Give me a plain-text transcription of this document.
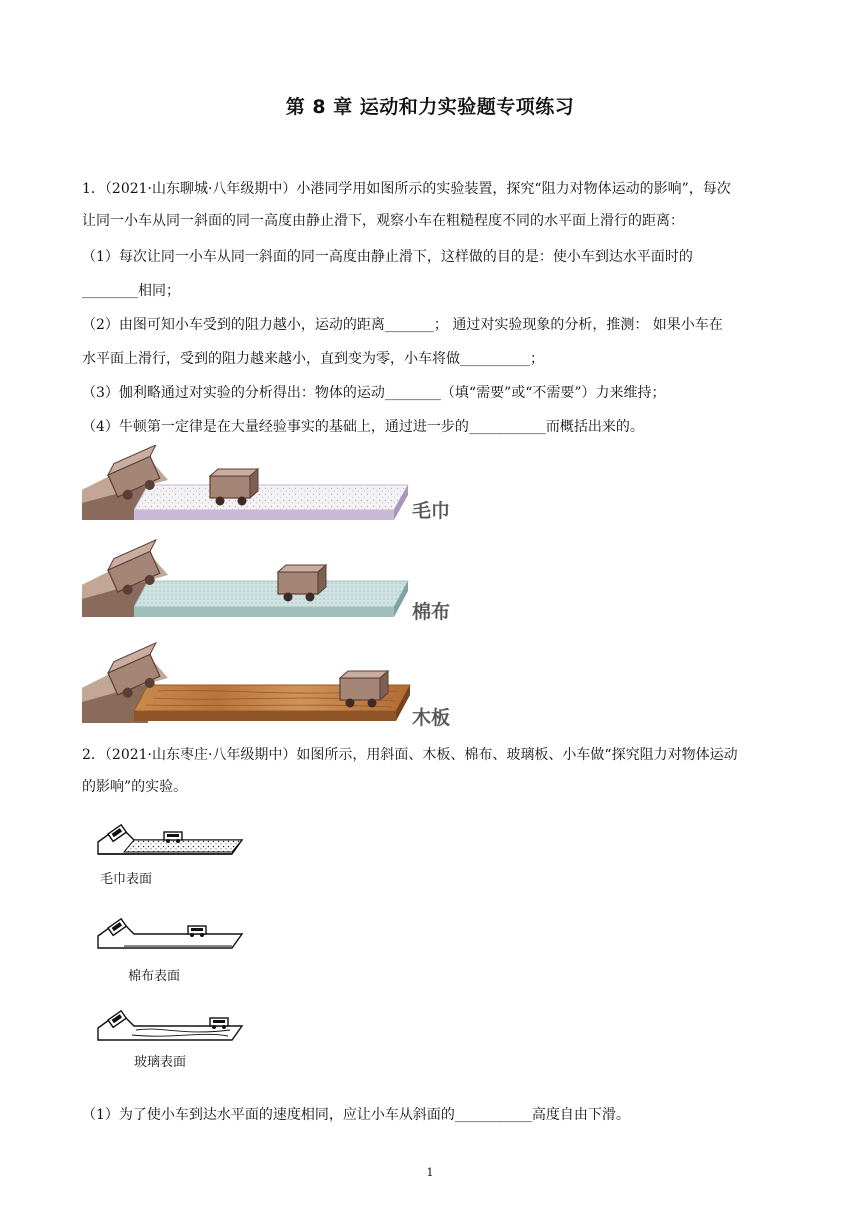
第 8 章 运动和力实验题专项练习
1．（2021·山东聊城·八年级期中）小港同学用如图所示的实验装置，探究“阻力对物体运动的影响”，每次
让同一小车从同一斜面的同一高度由静止滑下，观察小车在粗糙程度不同的水平面上滑行的距离：
（1）每次让同一小车从同一斜面的同一高度由静止滑下，这样做的目的是：使小车到达水平面时的
________相同；
（2）由图可知小车受到的阻力越小，运动的距离_______； 通过对实验现象的分析，推测： 如果小车在
水平面上滑行，受到的阻力越来越小，直到变为零，小车将做__________；
（3）伽利略通过对实验的分析得出：物体的运动________（填“需要”或“不需要”）力来维持；
（4）牛顿第一定律是在大量经验事实的基础上，通过进一步的___________而概括出来的。
毛巾
棉布
木板
2．（2021·山东枣庄·八年级期中）如图所示，用斜面、木板、棉布、玻璃板、小车做“探究阻力对物体运动
的影响”的实验。
毛巾表面
棉布表面
玻璃表面
（1）为了使小车到达水平面的速度相同，应让小车从斜面的___________高度自由下滑。
1
